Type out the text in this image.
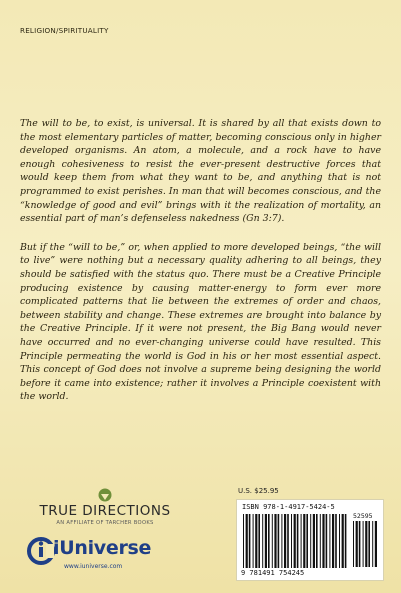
RELIGION/SPIRITUALITY

The will to be, to exist, is universal. It is shared by all that exists down to the most elementary particles of matter, becoming conscious only in higher developed organisms. An atom, a molecule, and a rock have to have enough cohesiveness to resist the ever-present destructive forces that would keep them from what they want to be, and anything that is not programmed to exist perishes. In man that will becomes conscious, and the “knowledge of good and evil” brings with it the realization of mortality, an essential part of man’s defenseless nakedness (Gn 3:7).

But if the “will to be,” or, when applied to more developed beings, “the will to live” were nothing but a necessary quality adhering to all beings, they should be satisfied with the status quo. There must be a Creative Principle producing existence by causing matter-energy to form ever more complicated patterns that lie between the extremes of order and chaos, between stability and change. These extremes are brought into balance by the Creative Principle. If it were not present, the Big Bang would never have occurred and no ever-changing universe could have resulted. This Principle permeating the world is God in his or her most essential aspect. This concept of God does not involve a supreme being designing the world before it came into existence; rather it involves a Principle coexistent with the world.

U.S. $25.95
ISBN 978-1-4917-5424-5
52595
9 781491 754245
TRUE DIRECTIONS
AN AFFILIATE OF TARCHER BOOKS
iUniverse
www.iuniverse.com
